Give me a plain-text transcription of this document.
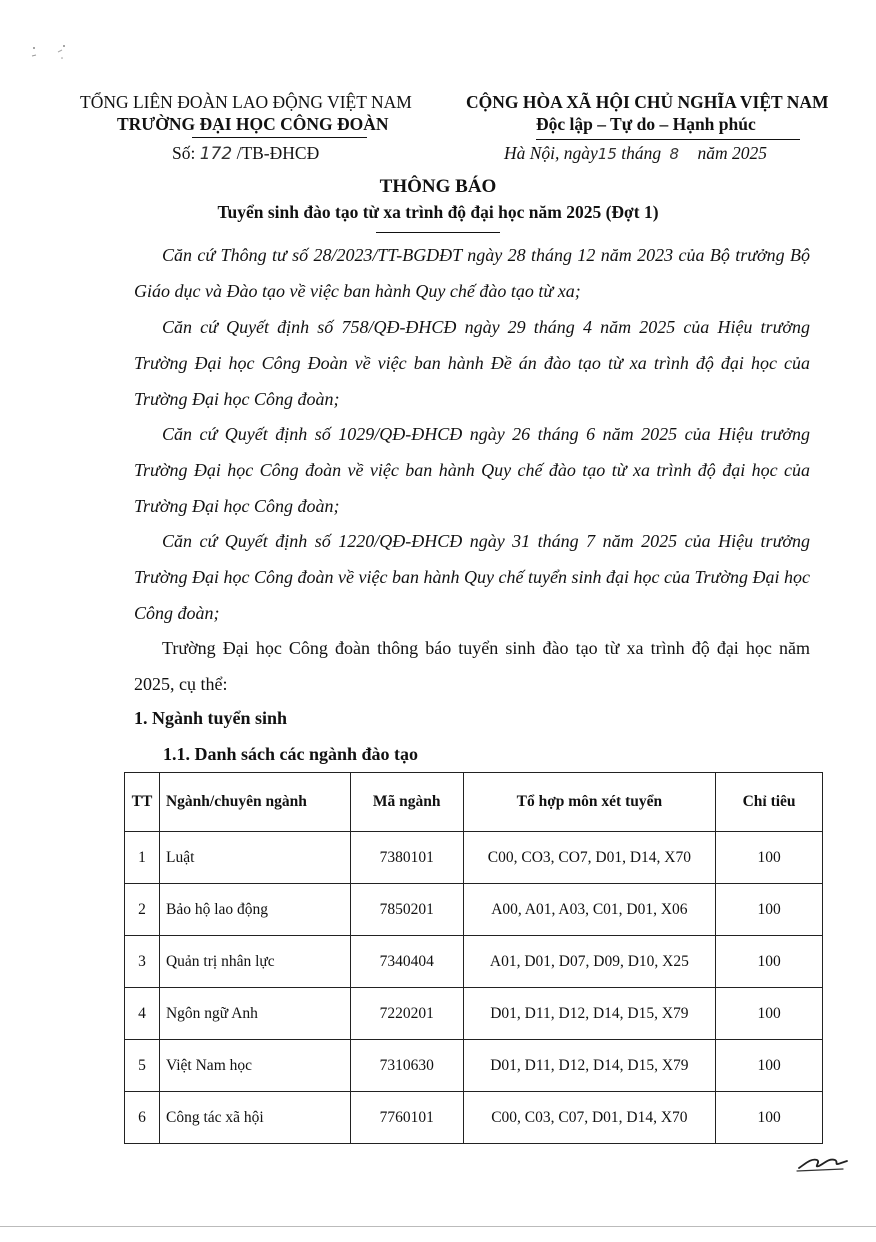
TỔNG LIÊN ĐOÀN LAO ĐỘNG VIỆT NAM
TRƯỜNG ĐẠI HỌC CÔNG ĐOÀN
CỘNG HÒA XÃ HỘI CHỦ NGHĨA VIỆT NAM
Độc lập – Tự do – Hạnh phúc
Số: 172 /TB-ĐHCĐ	Hà Nội, ngày15 tháng 8 năm 2025
THÔNG BÁO
Tuyển sinh đào tạo từ xa trình độ đại học năm 2025 (Đợt 1)
Căn cứ Thông tư số 28/2023/TT-BGDĐT ngày 28 tháng 12 năm 2023 của Bộ trưởng Bộ Giáo dục và Đào tạo về việc ban hành Quy chế đào tạo từ xa;
Căn cứ Quyết định số 758/QĐ-ĐHCĐ ngày 29 tháng 4 năm 2025 của Hiệu trưởng Trường Đại học Công Đoàn về việc ban hành Đề án đào tạo từ xa trình độ đại học của Trường Đại học Công đoàn;
Căn cứ Quyết định số 1029/QĐ-ĐHCĐ ngày 26 tháng 6 năm 2025 của Hiệu trưởng Trường Đại học Công đoàn về việc ban hành Quy chế đào tạo từ xa trình độ đại học của Trường Đại học Công đoàn;
Căn cứ Quyết định số 1220/QĐ-ĐHCĐ ngày 31 tháng 7 năm 2025 của Hiệu trưởng Trường Đại học Công đoàn về việc ban hành Quy chế tuyển sinh đại học của Trường Đại học Công đoàn;
Trường Đại học Công đoàn thông báo tuyển sinh đào tạo từ xa trình độ đại học năm 2025, cụ thể:
1. Ngành tuyển sinh
1.1. Danh sách các ngành đào tạo
TT	Ngành/chuyên ngành	Mã ngành	Tổ hợp môn xét tuyển	Chỉ tiêu
1	Luật	7380101	C00, CO3, CO7, D01, D14, X70	100
2	Bảo hộ lao động	7850201	A00, A01, A03, C01, D01, X06	100
3	Quản trị nhân lực	7340404	A01, D01, D07, D09, D10, X25	100
4	Ngôn ngữ Anh	7220201	D01, D11, D12, D14, D15, X79	100
5	Việt Nam học	7310630	D01, D11, D12, D14, D15, X79	100
6	Công tác xã hội	7760101	C00, C03, C07, D01, D14, X70	100
